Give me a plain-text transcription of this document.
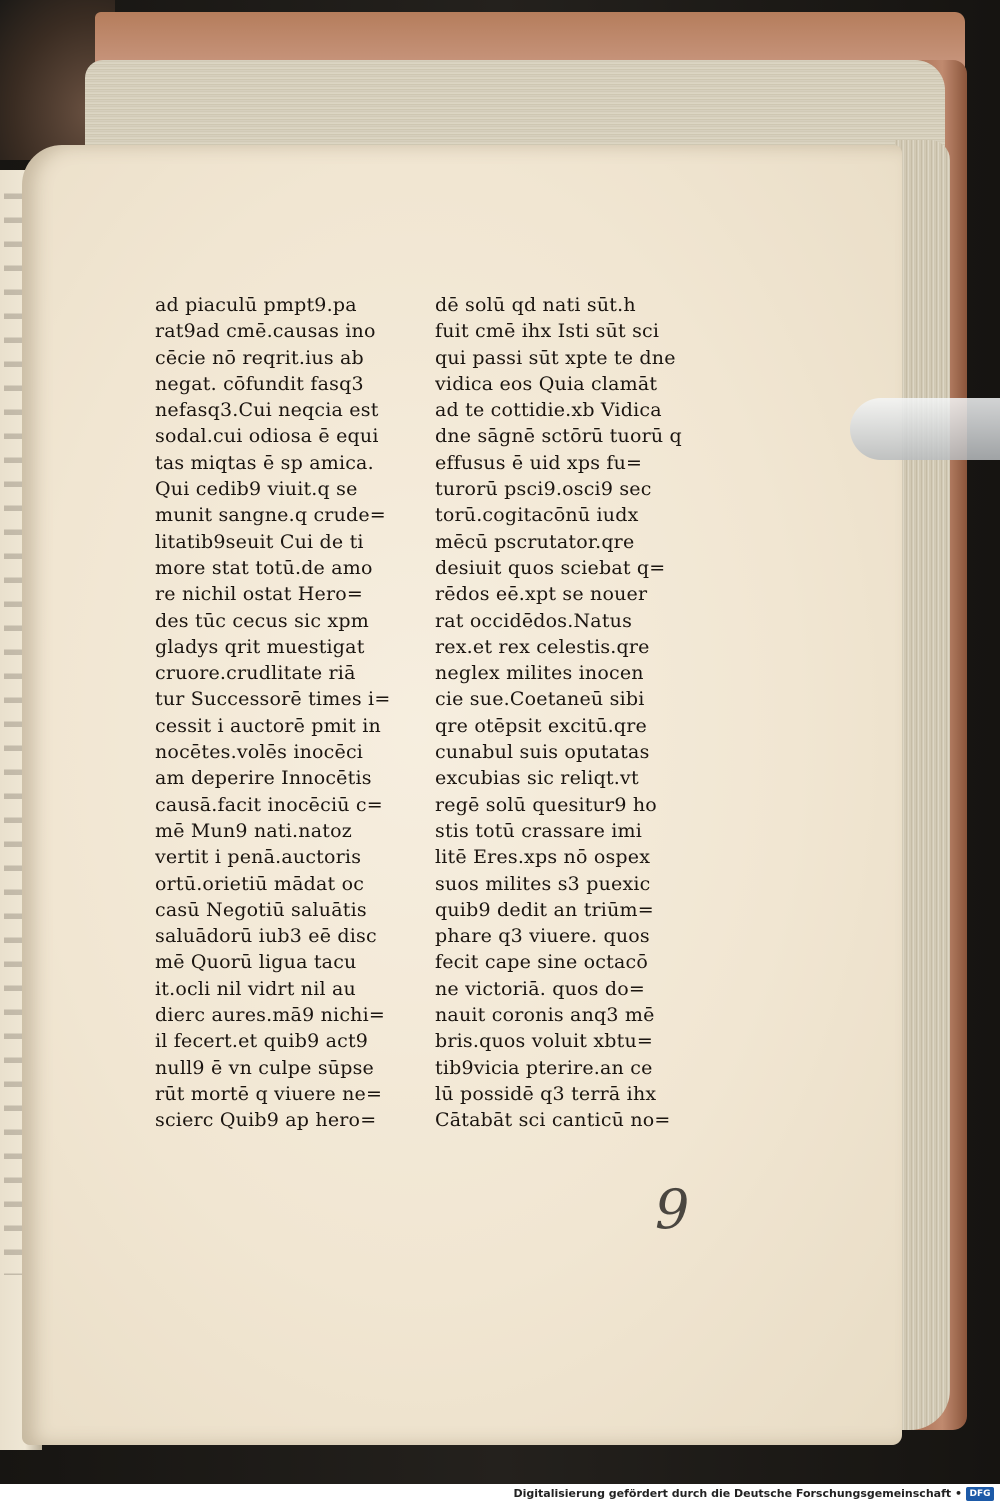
ad piaculū pmpt9.pa
rat9ad cmē.causas ino
cēcie nō reqrit.ius ab
negat. cōfundit fasq3
nefasq3.Cui neqcia est
sodal.cui odiosa ē equi
tas miqtas ē sp amica.
Qui cedib9 viuit.q se
munit sangne.q crude=
litatib9seuit Cui de ti
more stat totū.de amo
re nichil ostat Hero=
des tūc cecus sic xpm
gladys qrit muestigat
cruore.crudlitate riā
tur Successorē times i=
cessit i auctorē pmit in
nocētes.volēs inocēci
am deperire Innocētis
causā.facit inocēciū c=
mē Mun9 nati.natoz
vertit i penā.auctoris
ortū.orietiū mādat oc
casū Negotiū saluātis
saluādorū iub3 eē disc
mē Quorū ligua tacu
it.ocli nil vidrt nil au
dierc aures.mā9 nichi=
il fecert.et quib9 act9
null9 ē vn culpe sūpse
rūt mortē q viuere ne=
scierc Quib9 ap hero=
dē solū qd nati sūt.h
fuit cmē ihx Isti sūt sci
qui passi sūt xpte te dne
vidica eos Quia clamāt
ad te cottidie.xb Vidica
dne sāgnē sctōrū tuorū q
effusus ē uid xps fu=
turorū psci9.osci9 sec
torū.cogitacōnū iudx
mēcū pscrutator.qre
desiuit quos sciebat q=
rēdos eē.xpt se nouer
rat occidēdos.Natus
rex.et rex celestis.qre
neglex milites inocen
cie sue.Coetaneū sibi
qre otēpsit excitū.qre
cunabul suis oputatas
excubias sic reliqt.vt
regē solū quesitur9 ho
stis totū crassare imi
litē Eres.xps nō ospex
suos milites s3 puexic
quib9 dedit an triūm=
phare q3 viuere. quos
fecit cape sine octacō
ne victoriā. quos do=
nauit coronis anq3 mē
bris.quos voluit xbtu=
tib9vicia pterire.an ce
lū possidē q3 terrā ihx
Cātabāt sci canticū no=
9
Digitalisierung gefördert durch die Deutsche Forschungsgemeinschaft • DFG
